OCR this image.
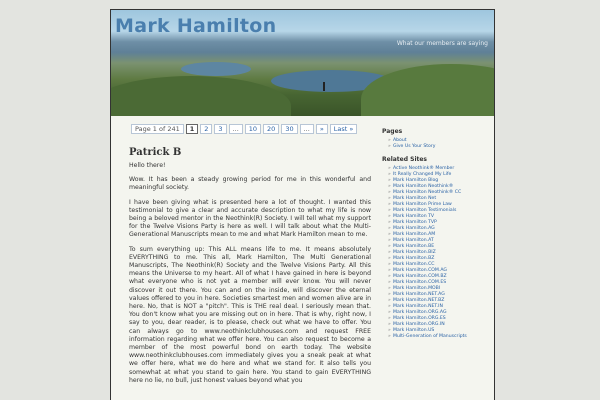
Mark Hamilton
What our members are saying
Page 1 of 241	1	2	3	...	10	20	30	...	»	Last »
Patrick B

Hello there!

Wow. It has been a steady growing period for me in this wonderful and meaningful society.

I have been giving what is presented here a lot of thought. I wanted this testimonial to give a clear and accurate description to what my life is now being a beloved mentor in the Neothink(R) Society. I will tell what my support for the Twelve Visions Party is here as well. I will talk about what the Multi-Generational Manuscripts mean to me and what Mark Hamilton mean to me.

To sum everything up: This ALL means life to me. It means absolutely EVERYTHING to me. This all, Mark Hamilton, The Multi Generational Manuscripts, The Neothink(R) Society and the Twelve Visions Party. All this means the Universe to my heart. All of what I have gained in here is beyond what everyone who is not yet a member will ever know. You will never discover it out there. You can and on the inside, will discover the eternal values offered to you in here. Societies smartest men and women alive are in here. No, that is NOT a "pitch". This is THE real deal. I seriously mean that. You don't know what you are missing out on in here. That is why, right now, I say to you, dear reader, is to please, check out what we have to offer. You can always go to www.neothinkclubhouses.com and request FREE information regarding what we offer here. You can also request to become a member of the most powerful bond on earth today. The website www.neothinkclubhouses.com immediately gives you a sneak peak at what we offer here, what we do here and what we stand for. It also tells you somewhat at what you stand to gain here. You stand to gain EVERYTHING here no lie, no bull, just honest values beyond what you

Pages
» About
» Give Us Your Story
Related Sites
» Active Neothink® Member
» It Really Changed My Life
» Mark Hamilton Blog
» Mark Hamilton Neothink®
» Mark Hamilton Neothink® CC
» Mark Hamilton Net
» Mark Hamilton Prime Law
» Mark Hamilton Testimonials
» Mark Hamilton TV
» Mark Hamilton TVP
» Mark Hamilton.AG
» Mark Hamilton.AM
» Mark Hamilton.AT
» Mark Hamilton.BE
» Mark Hamilton.BIZ
» Mark Hamilton.BZ
» Mark Hamilton.CC
» Mark Hamilton.COM.AG
» Mark Hamilton.COM.BZ
» Mark Hamilton.COM.ES
» Mark Hamilton.MOBI
» Mark Hamilton.NET.AG
» Mark Hamilton.NET.BZ
» Mark Hamilton.NET.IN
» Mark Hamilton.ORG.AG
» Mark Hamilton.ORG.ES
» Mark Hamilton.ORG.IN
» Mark Hamilton.US
» Multi-Generation of Manuscripts
